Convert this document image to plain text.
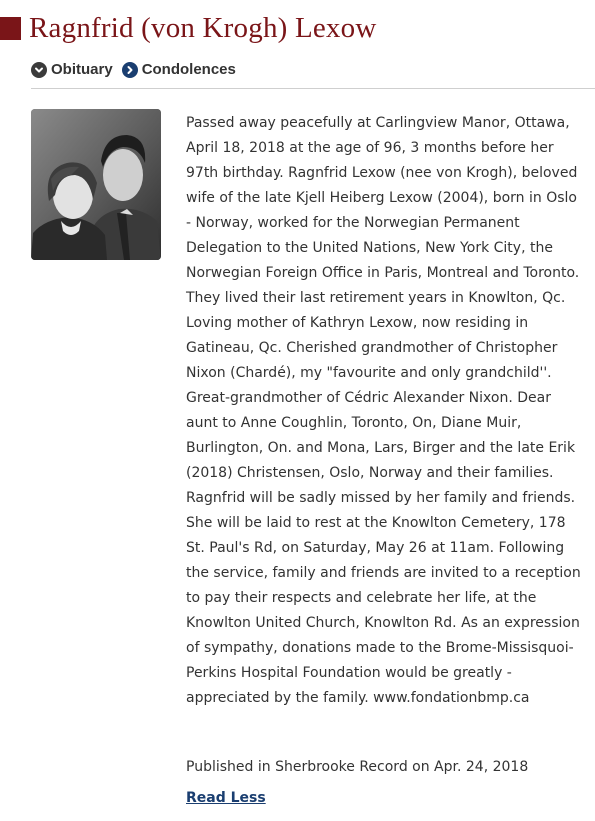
Ragnfrid (von Krogh) Lexow
Obituary Condolences

Passed away peacefully at Carlingview Manor, Ottawa, April 18, 2018 at the age of 96, 3 months before her 97th birthday. Ragnfrid Lexow (nee von Krogh), beloved wife of the late Kjell Heiberg Lexow (2004), born in Oslo - Norway, worked for the Norwegian Permanent Delegation to the United Nations, New York City, the Norwegian Foreign Office in Paris, Montreal and Toronto. They lived their last retirement years in Knowlton, Qc.

Loving mother of Kathryn Lexow, now residing in Gatineau, Qc. Cherished grandmother of Christopher Nixon (Chardé), my "favourite and only grandchild''. Great-grandmother of Cédric Alexander Nixon. Dear aunt to Anne Coughlin, Toronto, On, Diane Muir, Burlington, On. and Mona, Lars, Birger and the late Erik (2018) Christensen, Oslo, Norway and their families. Ragnfrid will be sadly missed by her family and friends. She will be laid to rest at the Knowlton Cemetery, 178 St. Paul's Rd, on Saturday, May 26 at 11am. Following the service, family and friends are invited to a reception to pay their respects and celebrate her life, at the Knowlton United Church, Knowlton Rd. As an expression of sympathy, donations made to the Brome-Missisquoi-Perkins Hospital Foundation would be greatly - appreciated by the family. www.fondationbmp.ca

Published in Sherbrooke Record on Apr. 24, 2018
Read Less
